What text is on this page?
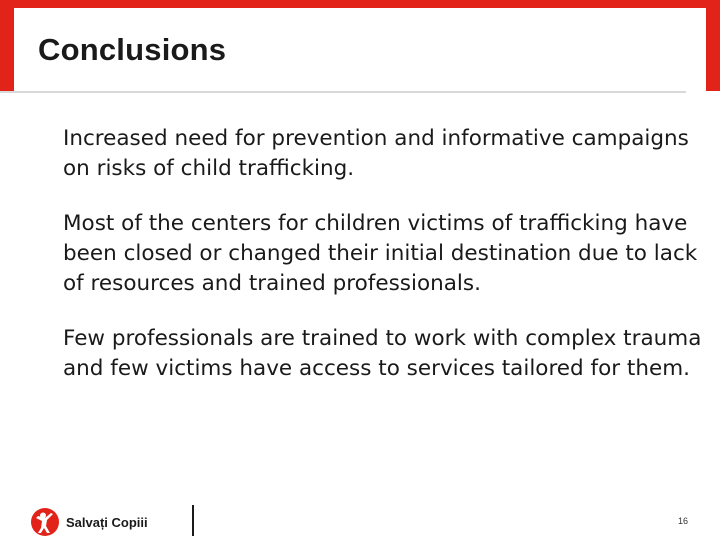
Conclusions

Increased need for prevention and informative campaigns on risks of child trafficking.

Most of the centers for children victims of trafficking have been closed or changed their initial destination due to lack of resources and trained professionals.

Few professionals are trained to work with complex trauma and few victims have access to services tailored for them.

Salvați Copiii	16
